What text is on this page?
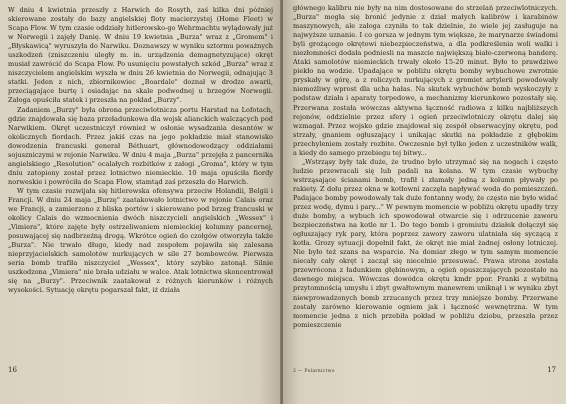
W dniu 4 kwietnia przeszły z Harwich do Rosyth, zaś kilka dni później skierowane zostały do bazy angielskiej floty macierzystej (Home Fleet) w Scapa Flow. W tym czasie oddziały hitlerowsko-go Wehrmachtu wylądowały już w Norwegii i zajęły Danię. W dniu 19 kwietnia „Burza" wraz z „Gromem" i „Błyskawicą" wyruszyła do Narwiku. Doznawszy w wyniku sztormu poważnych uszkodzeń (zniszczeniu uległy m. in. urządzenia demagnetyzujące) okręt musiał zawrócić do Scapa Flow. Po usunięciu powstałych szkód „Burza" wraz z niszczycielem angielskim wyszła w dniu 26 kwietnia do Norwegii, odnajując 3 statki. Jeden z nich, zbiornikowiec „Boardale" doznał w drodze awarii, przeciągające burtę i osiadając na skale podwodnej u brzegów Norwegii. Załoga opuściła statek i przeszła na pokład „Burzy".

Zadaniem „Burzy" była obrona przeciwlotnicza portu Harstad na Lofotach, gdzie znajdowała się baza przeładunkowa dla wojsk alianckich walczących pod Narwikiem. Okręt uczestniczył również w osłonie wysadzania desantów w okolicznych fiordach. Przez jakiś czas na jego pokładzie miał stanowisko dowodzenia francuski generał Béthuart, głównodowodzący oddziałami sojuszniczymi w rejonie Narwiku. W dniu 4 maja „Burza" przejęła z pancernika angielskiego „Resolution" ocalałych rozbitków z załogi „Groma", który w tym dniu zatopiony został przez lotnictwo niemieckie. 10 maja opuściła fiordy norweskie i powróciła do Scapa Flow, stamtąd zaś przeszła do Harwich.

W tym czasie rozwijała się hitlerowska ofensywa przeciw Holandii, Belgii i Francji. W dniu 24 maja „Burzę" zaatakowało lotnictwo w rejonie Calais oraz we Francji, a zamierzono z bliska portów i skierowano pod brzeg francuski w okolicy Calais do wzmocnienia dwóch niszczycieli angielskich „Wessex" i „Vimiera", które zajęte były ostrzeliwaniem niemieckiej kolumny pancernej, posuwającej się nadbrzeżną drogą. Wkrótce ogień do czołgów otworzyła także „Burza". Nie trwało długo, kiedy nad zespołem pojawiła się zalesana nieprzyjacielskich samolotów nurkujących w sile 27 bombowców. Pierwsza seria bomb trafiła niszczyciel „Wessex", który szybko zatonął. Silnie uszkodzona „Vimiera" nie brała udziału w walce. Atak lotnictwa skoncentrował się na „Burzy". Przeciwnik zaatakował z różnych kierunków i różnych wysokości. Sytuację okrętu pogarszał fakt, iż działa

16

głównego kalibru nie były na nim dostosowane do strzelań przeciwlotniczych. „Burza" mogła się bronić jedynie z dział małych kalibrów i karabinów maszynowych, ale załoga czyniła to tak dzielnie, że wiele jej zasługuje na najwyższe uznanie. I co gorsza w jednym tym większe, że marynarze świadomi byli grożącego okrętowi niebezpieczeństwa, a dla podkreślenia woli walki i niezłomności dodała podniesli na maszcie największą biało-czerwoną banderę. Ataki samolotów niemieckich trwały około 15-20 minut. Było to prawdziwe piekło na wodzie. Upadające w pobliżu okrętu bomby wybuchowe zwrotnie pryskały w górę, a z roliczych nurkujących z gromiet artylerii powodowały niemożliwy wprost dla ucha hałas. Na skutek wybuchów bomb wyskoczyły z podstaw działa i aparaty torpedowe, a mechanizmy kierunkowe pozostały się. Przerwana została wówczas aktywna łączność radiowa z kilku najbliższych rejonów, oddzielnie przez sfery i ogień przeciwlotniczy okrętu dalej się wzmagał. Przez wojsko gdzie znajdował się zespół obserwacyjny okrętu, pod strzały, gnaniem ogłuszający i unikając skutki na pokładzie z głębokim przechyleniem zostały rozbite. Ówczesnie był tylko jeden z uczestników walk, a kiedy do samego przebiegu tej bitwy...

„Wstrząsy były tak duże, że trudno było utrzymać się na nogach i często ludzie przewracali się lub padali na kolana. W tym czasie wybuchy wstrząsające ścianami bomb, trafił i złamały jedną z kolumn pływały po rakiety. Z dołu przez okna w kotłowni zaczęła napływać woda do pomieszczeń. Padające bomby powodowały tak duże fontanny wody, że często nie było widać przez wodę, dymu i pary..." W pewnym momencie w pobliżu okrętu upadły trzy duże bomby, a wybuch ich spowodował otwarcie się i odrzucenie zaworu bezpieczeństwa na kotle nr 1. Do tego bomb i gromiutu działek dołączył się ogłuszający ryk pary, która poprzez zawory zaworu ulatniała się syczącą z kotła. Grozy sytuacji dopełnił fakt, że okręt nie miał żadnej osłony lotniczej. Nie było też szans na wsparcie. Na domiar złego w tym samym momencie niecały cały okręt i zaczął się niecelnie przesuwać. Prawa strona została przewrócona z ładunkiem głębinowym, a ogień opuszczających pozostało na dawnego miejsca. Wówczas dowódca okrętu kmdr ppor. Franki z wybitną przytomnością umysłu i zbyt gwałtownym manewrem uniknął i w wyniku zbyt niewprowadzonych bomb zrzucanych przez trzy mniejsze bomby. Przerwane zostały zarówno kierowanie ogniem jak i łączność wewnętrzna. W tym momencie jedna z nich przebiła pokład w pobliżu dziobu, przeszła przez pomieszczenie

2 — Polarnictwo	17
